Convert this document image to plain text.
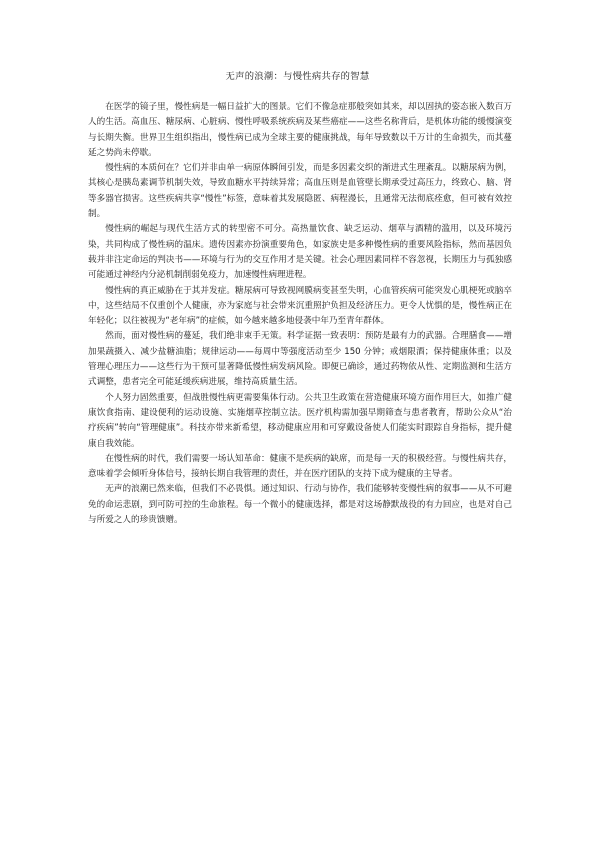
无声的浪潮：与慢性病共存的智慧

在医学的镜子里，慢性病是一幅日益扩大的图景。它们不像急症那般突如其来，却以固执的姿态嵌入数百万人的生活。高血压、糖尿病、心脏病、慢性呼吸系统疾病及某些癌症——这些名称背后，是机体功能的缓慢演变与长期失衡。世界卫生组织指出，慢性病已成为全球主要的健康挑战，每年导致数以千万计的生命损失，而其蔓延之势尚未停歇。

慢性病的本质何在？它们并非由单一病原体瞬间引发，而是多因素交织的渐进式生理紊乱。以糖尿病为例，其核心是胰岛素调节机制失效，导致血糖水平持续异常；高血压则是血管壁长期承受过高压力，终致心、脑、肾等多器官损害。这些疾病共享“慢性”标签，意味着其发展隐匿、病程漫长，且通常无法彻底痊愈，但可被有效控制。

慢性病的崛起与现代生活方式的转型密不可分。高热量饮食、缺乏运动、烟草与酒精的滥用，以及环境污染，共同构成了慢性病的温床。遗传因素亦扮演重要角色，如家族史是多种慢性病的重要风险指标，然而基因负载并非注定命运的判决书——环境与行为的交互作用才是关键。社会心理因素同样不容忽视，长期压力与孤独感可能通过神经内分泌机制削弱免疫力，加速慢性病理进程。

慢性病的真正威胁在于其并发症。糖尿病可导致视网膜病变甚至失明，心血管疾病可能突发心肌梗死或脑卒中，这些结局不仅重创个人健康，亦为家庭与社会带来沉重照护负担及经济压力。更令人忧惧的是，慢性病正在年轻化；以往被视为“老年病”的症候，如今越来越多地侵袭中年乃至青年群体。

然而，面对慢性病的蔓延，我们绝非束手无策。科学证据一致表明：预防是最有力的武器。合理膳食——增加果蔬摄入、减少盐糖油脂；规律运动——每周中等强度活动至少 150 分钟；戒烟限酒；保持健康体重；以及管理心理压力——这些行为干预可显著降低慢性病发病风险。即便已确诊，通过药物依从性、定期监测和生活方式调整，患者完全可能延缓疾病进展，维持高质量生活。

个人努力固然重要，但战胜慢性病更需要集体行动。公共卫生政策在营造健康环境方面作用巨大，如推广健康饮食指南、建设便利的运动设施、实施烟草控制立法。医疗机构需加强早期筛查与患者教育，帮助公众从“治疗疾病”转向“管理健康”。科技亦带来新希望，移动健康应用和可穿戴设备使人们能实时跟踪自身指标，提升健康自我效能。

在慢性病的时代，我们需要一场认知革命：健康不是疾病的缺席，而是每一天的积极经营。与慢性病共存，意味着学会倾听身体信号，接纳长期自我管理的责任，并在医疗团队的支持下成为健康的主导者。

无声的浪潮已然来临，但我们不必畏惧。通过知识、行动与协作，我们能够转变慢性病的叙事——从不可避免的命运悲剧，到可防可控的生命旅程。每一个微小的健康选择，都是对这场静默战役的有力回应，也是对自己与所爱之人的珍贵馈赠。
